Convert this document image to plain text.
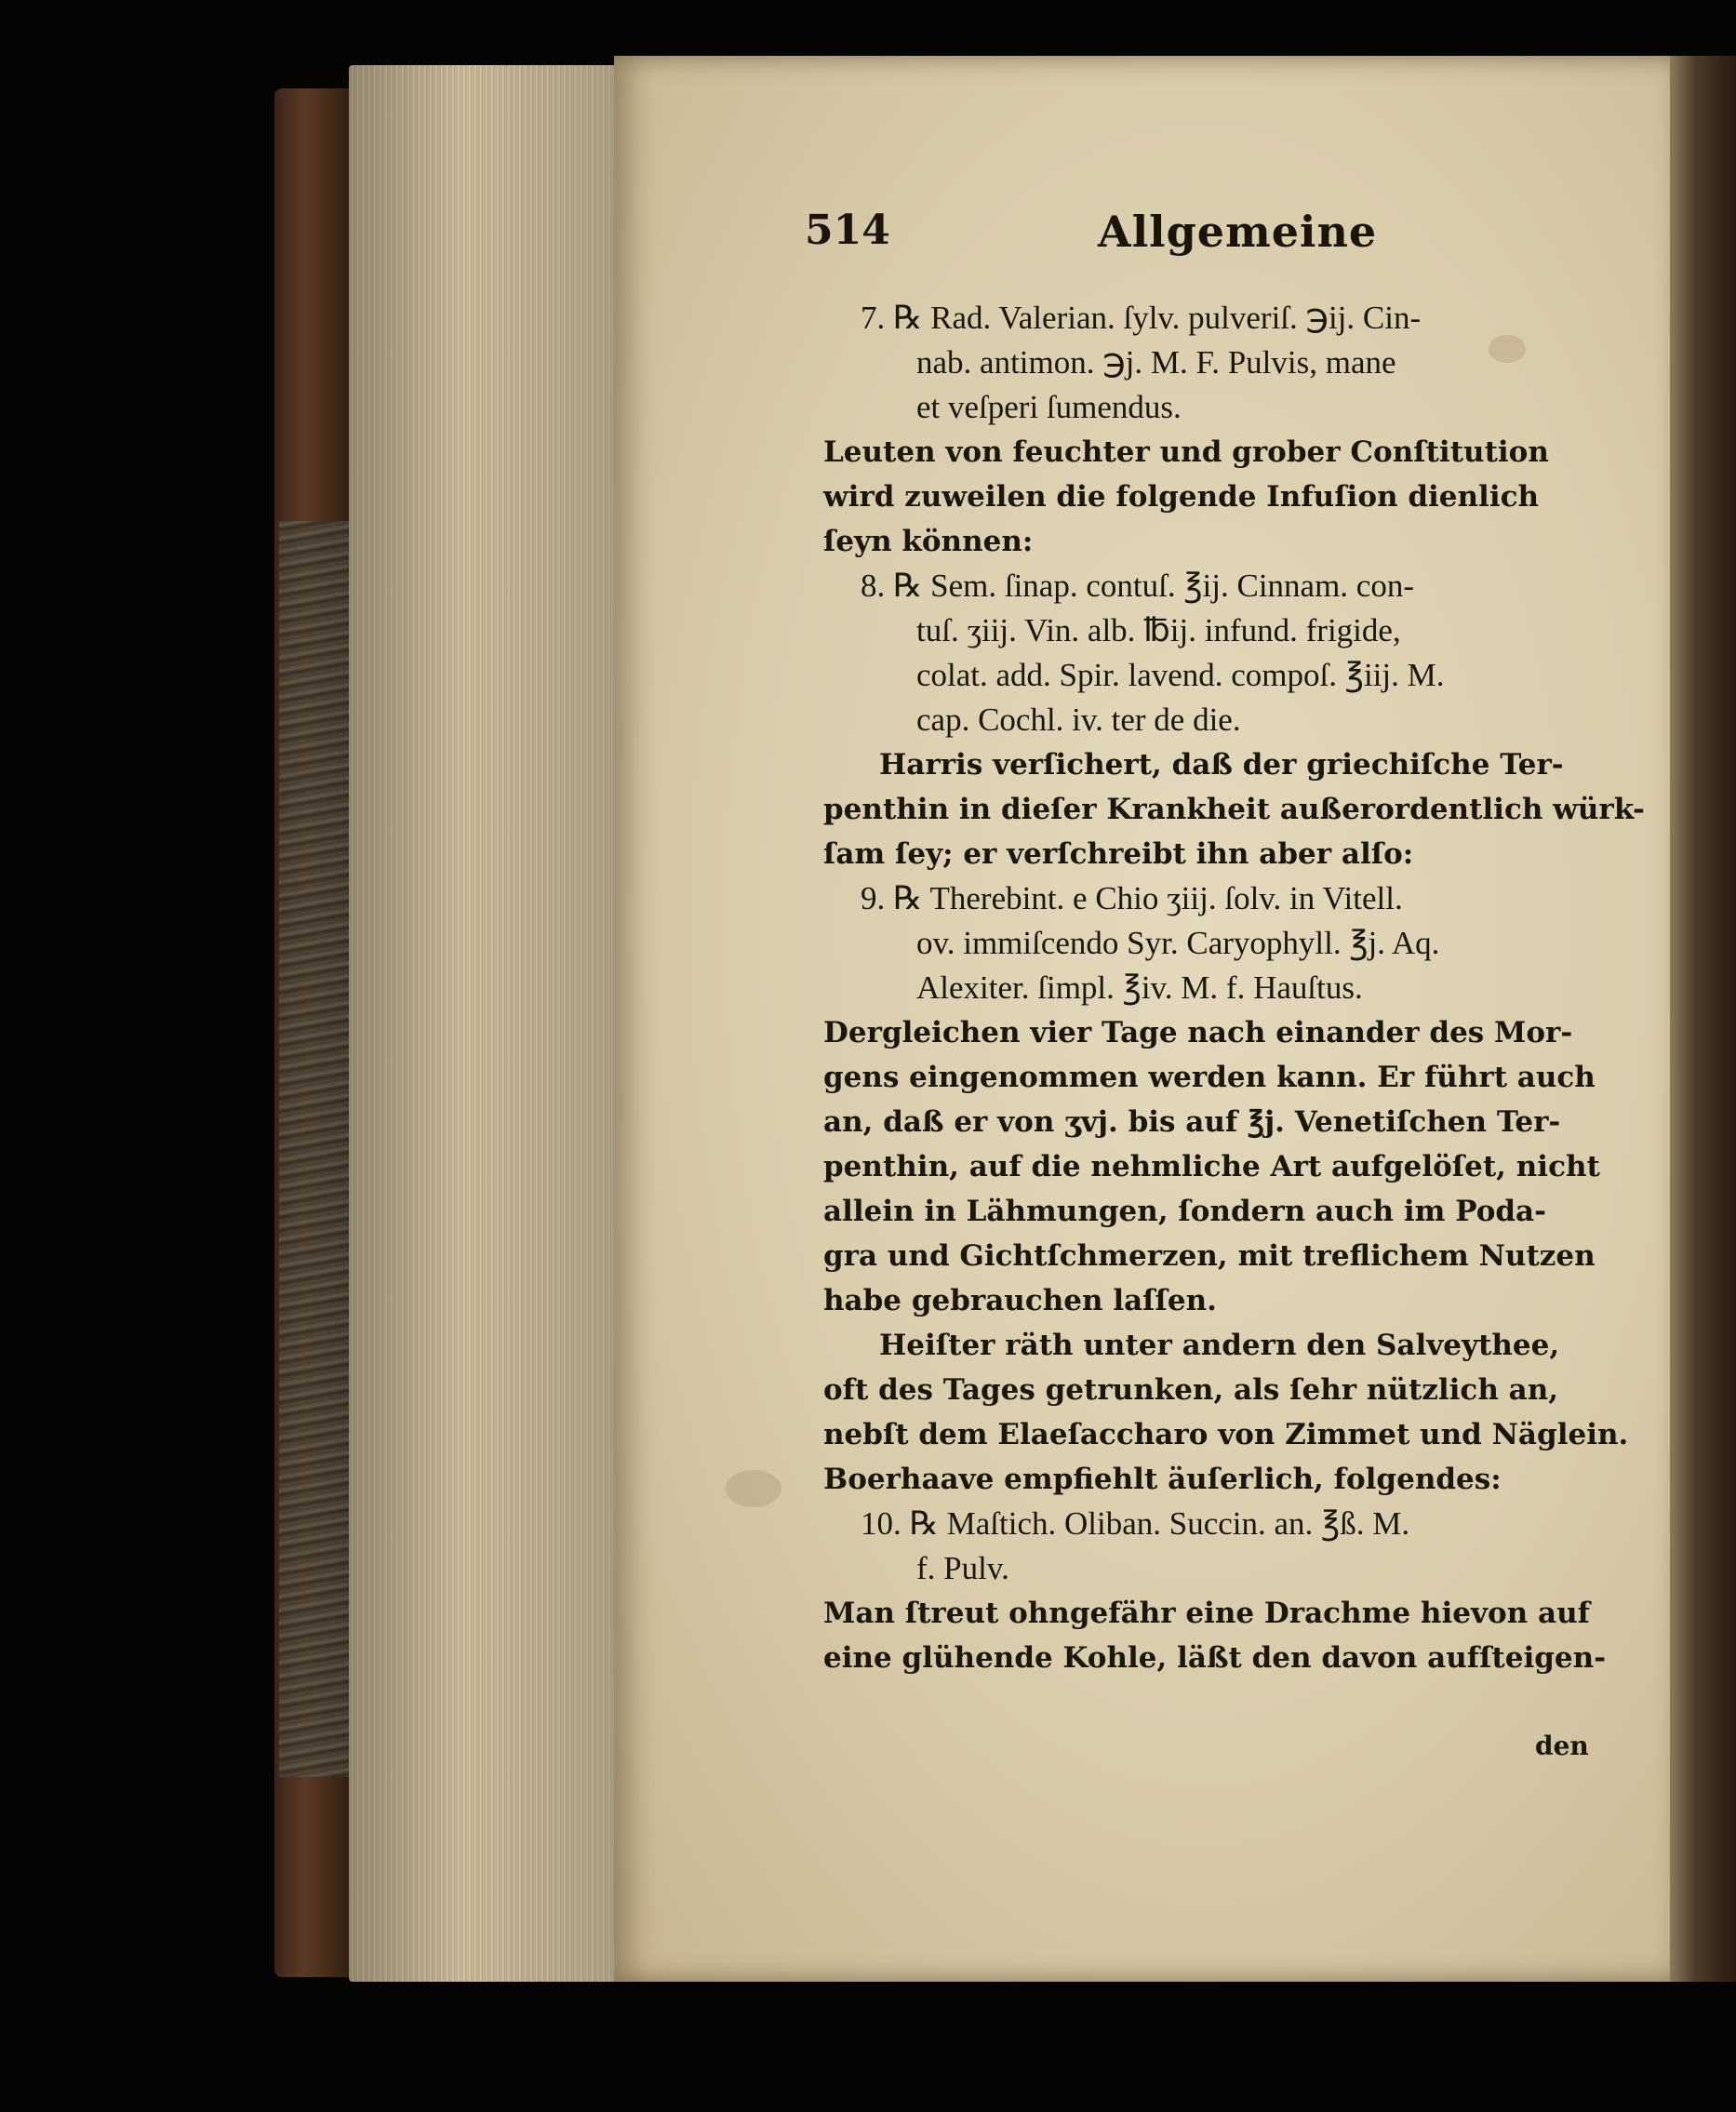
514	Allgemeine
7. ℞ Rad. Valerian. ſylv. pulveriſ. ℈ij. Cin-
nab. antimon. ℈j. M. F. Pulvis, mane
et veſperi ſumendus.
Leuten von feuchter und grober Conſtitution
wird zuweilen die folgende Infuſion dienlich
ſeyn können:
8. ℞ Sem. ſinap. contuſ. ℥ij. Cinnam. con-
tuſ. ʒiij. Vin. alb. ℔ij. infund. frigide,
colat. add. Spir. lavend. compoſ. ℥iij. M.
cap. Cochl. iv. ter de die.
Harris verſichert, daß der griechiſche Ter-
penthin in dieſer Krankheit außerordentlich würk-
ſam ſey; er verſchreibt ihn aber alſo:
9. ℞ Therebint. e Chio ʒiij. ſolv. in Vitell.
ov. immiſcendo Syr. Caryophyll. ℥j. Aq.
Alexiter. ſimpl. ℥iv. M. f. Hauſtus.
Dergleichen vier Tage nach einander des Mor-
gens eingenommen werden kann. Er führt auch
an, daß er von ʒvj. bis auf ℥j. Venetiſchen Ter-
penthin, auf die nehmliche Art aufgelöſet, nicht
allein in Lähmungen, ſondern auch im Poda-
gra und Gichtſchmerzen, mit treflichem Nutzen
habe gebrauchen laſſen.
Heiſter räth unter andern den Salveythee,
oft des Tages getrunken, als ſehr nützlich an,
nebſt dem Elaeſaccharo von Zimmet und Näglein.
Boerhaave empfiehlt äuſerlich, folgendes:
10. ℞ Maſtich. Oliban. Succin. an. ℥ß. M.
f. Pulv.
Man ſtreut ohngefähr eine Drachme hievon auf
eine glühende Kohle, läßt den davon aufſteigen-
den
